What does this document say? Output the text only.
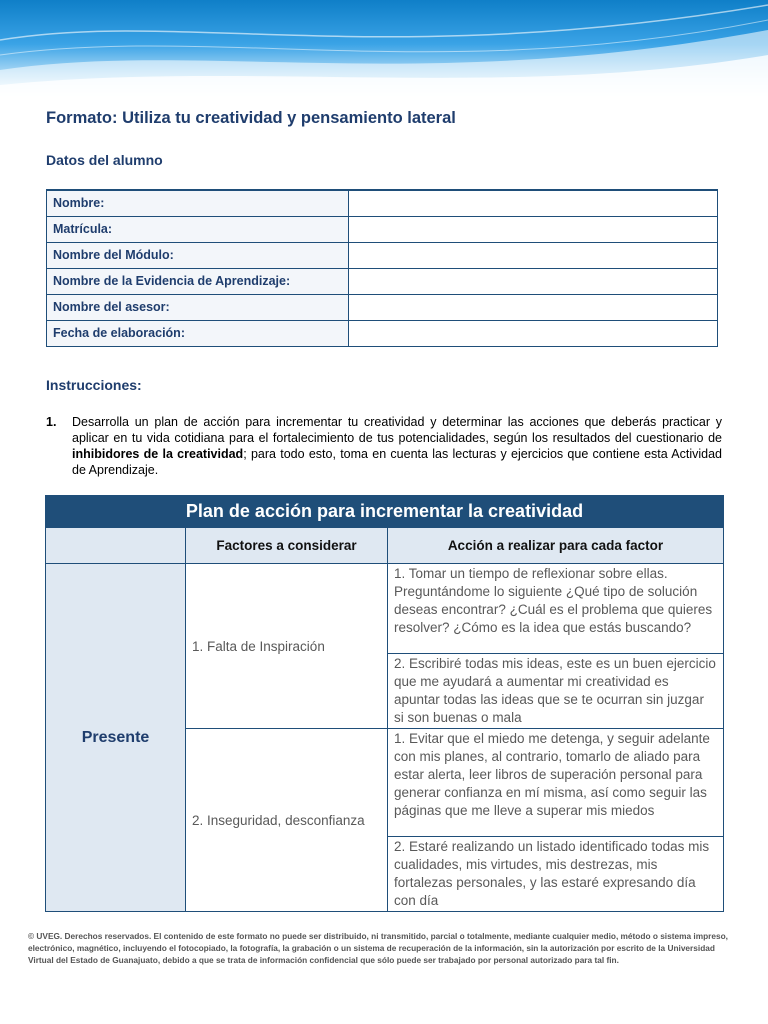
Formato: Utiliza tu creatividad y pensamiento lateral
Datos del alumno
Nombre:	
Matrícula:	
Nombre del Módulo:	
Nombre de la Evidencia de Aprendizaje:	
Nombre del asesor:	
Fecha de elaboración:	
Instrucciones:
1. Desarrolla un plan de acción para incrementar tu creatividad y determinar las acciones que deberás practicar y aplicar en tu vida cotidiana para el fortalecimiento de tus potencialidades, según los resultados del cuestionario de inhibidores de la creatividad; para todo esto, toma en cuenta las lecturas y ejercicios que contiene esta Actividad de Aprendizaje.
Plan de acción para incrementar la creatividad		
	Factores a considerar	Acción a realizar para cada factor
Presente	1. Falta de Inspiración	1. Tomar un tiempo de reflexionar sobre ellas. Preguntándome lo siguiente ¿Qué tipo de solución deseas encontrar? ¿Cuál es el problema que quieres resolver? ¿Cómo es la idea que estás buscando?
		2. Escribiré todas mis ideas, este es un buen ejercicio que me ayudará a aumentar mi creatividad es apuntar todas las ideas que se te ocurran sin juzgar si son buenas o mala
	2. Inseguridad, desconfianza	1. Evitar que el miedo me detenga, y seguir adelante con mis planes, al contrario, tomarlo de aliado para estar alerta, leer libros de superación personal para generar confianza en mí misma, así como seguir las páginas que me lleve a superar mis miedos
		2. Estaré realizando un listado identificado todas mis cualidades, mis virtudes, mis destrezas, mis fortalezas personales, y las estaré expresando día con día
© UVEG. Derechos reservados. El contenido de este formato no puede ser distribuido, ni transmitido, parcial o totalmente, mediante cualquier medio, método o sistema impreso, electrónico, magnético, incluyendo el fotocopiado, la fotografía, la grabación o un sistema de recuperación de la información, sin la autorización por escrito de la Universidad Virtual del Estado de Guanajuato, debido a que se trata de información confidencial que sólo puede ser trabajado por personal autorizado para tal fin.
